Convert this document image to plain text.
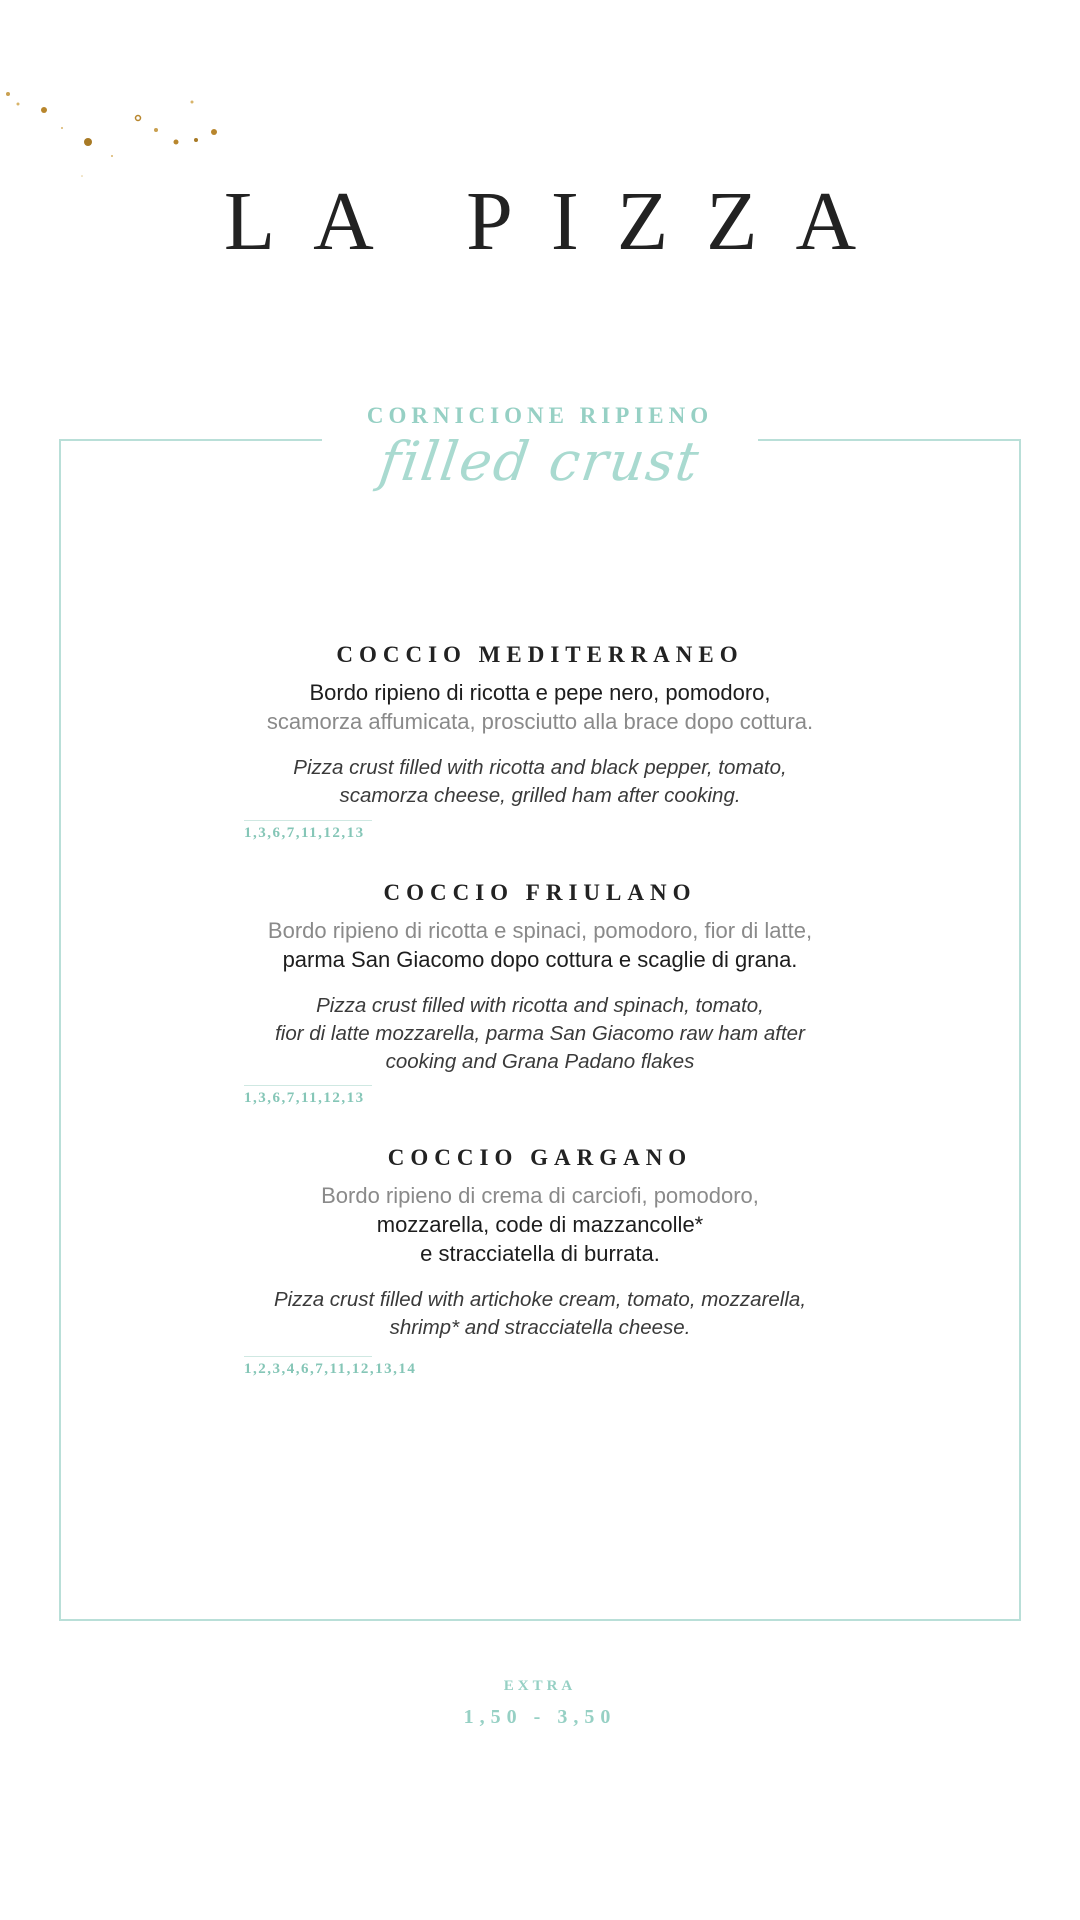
LA PIZZA
CORNICIONE RIPIENO
filled crust
COCCIO MEDITERRANEO
Bordo ripieno di ricotta e pepe nero, pomodoro,
scamorza affumicata, prosciutto alla brace dopo cottura.
Pizza crust filled with ricotta and black pepper, tomato,
scamorza cheese, grilled ham after cooking.
1,3,6,7,11,12,13
COCCIO FRIULANO
Bordo ripieno di ricotta e spinaci, pomodoro, fior di latte,
parma San Giacomo dopo cottura e scaglie di grana.
Pizza crust filled with ricotta and spinach, tomato,
fior di latte mozzarella, parma San Giacomo raw ham after
cooking and Grana Padano flakes
1,3,6,7,11,12,13
COCCIO GARGANO
Bordo ripieno di crema di carciofi, pomodoro,
mozzarella, code di mazzancolle*
e stracciatella di burrata.
Pizza crust filled with artichoke cream, tomato, mozzarella,
shrimp* and stracciatella cheese.
1,2,3,4,6,7,11,12,13,14
EXTRA
1,50 - 3,50
